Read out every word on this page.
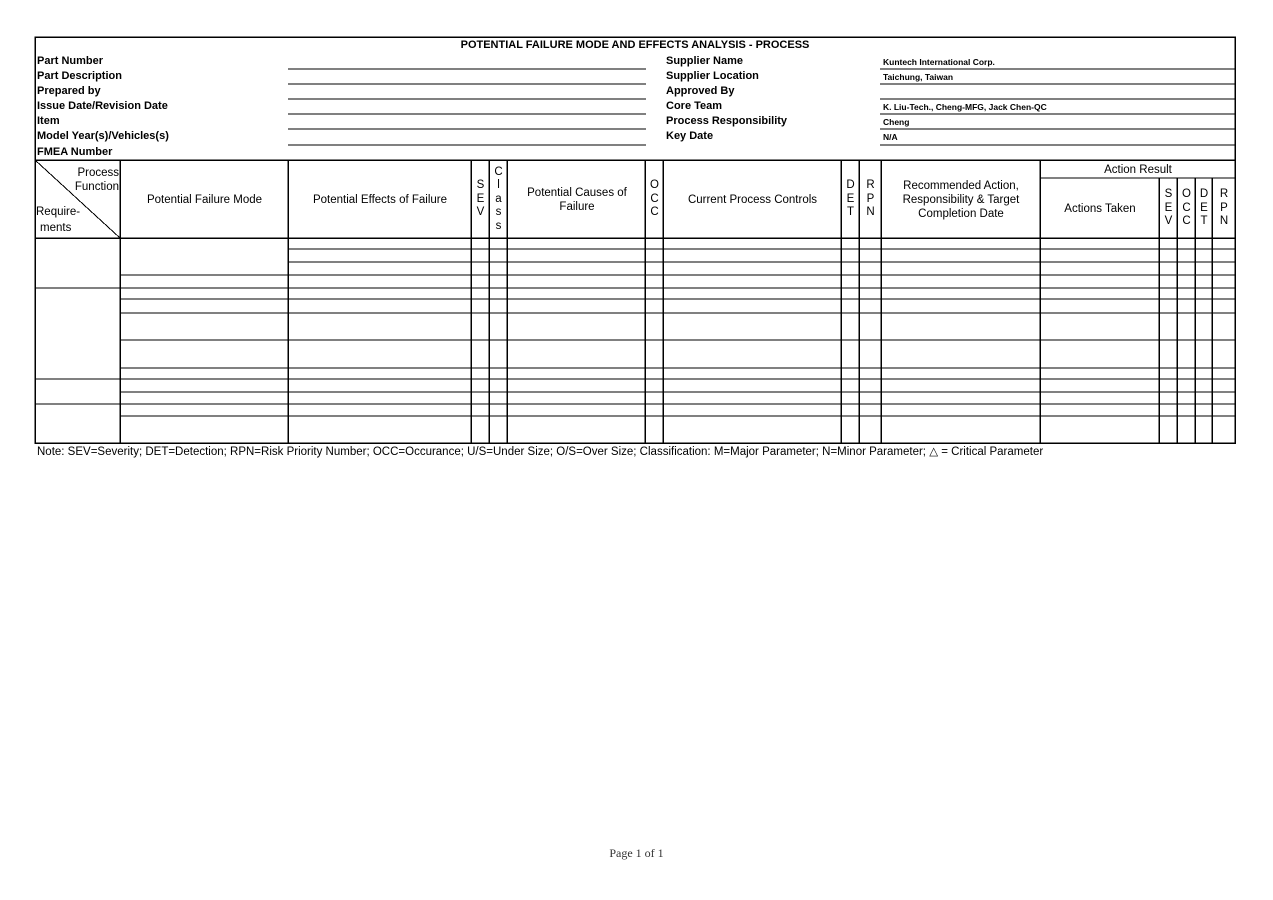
POTENTIAL FAILURE MODE AND EFFECTS ANALYSIS - PROCESS
Part Number
Part Description
Prepared by
Issue Date/Revision Date
Item
Model Year(s)/Vehicles(s)
FMEA Number
Supplier Name
Supplier Location
Approved By
Core Team
Process Responsibility
Key Date
Kuntech International Corp.
Taichung, Taiwan
K. Liu-Tech., Cheng-MFG, Jack Chen-QC
Cheng
N/A
Process
Function
Require-
ments
Potential Failure Mode	Potential Effects of Failure
S
E
V
C
l
a
s
s
Potential Causes of Failure
O
C
C
Current Process Controls
D
E
T
R
P
N
Recommended Action, Responsibility & Target Completion Date
Action Result
Actions Taken
S
E
V
O
C
C
D
E
T
R
P
N
Note: SEV=Severity; DET=Detection; RPN=Risk Priority Number; OCC=Occurance; U/S=Under Size; O/S=Over Size; Classification: M=Major Parameter; N=Minor Parameter; △ = Critical Parameter
Page 1 of 1
